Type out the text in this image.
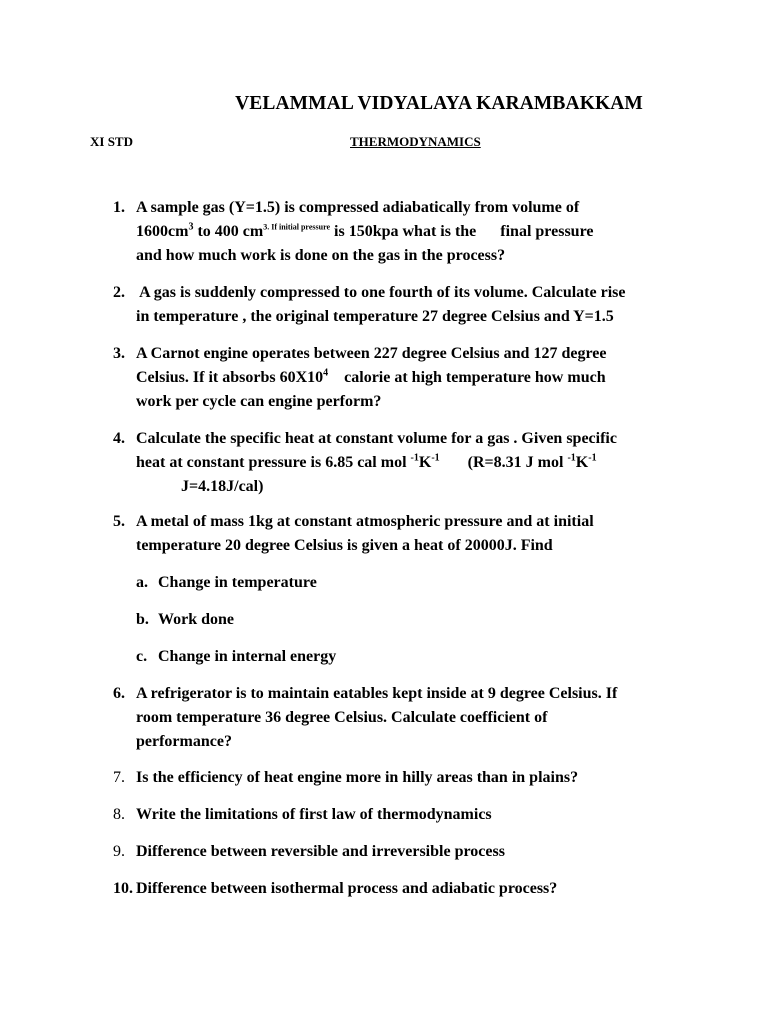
VELAMMAL VIDYALAYA KARAMBAKKAM
XI STD	THERMODYNAMICS
1. A sample gas (Y=1.5) is compressed adiabatically from volume of
$1600cm^3$ to 400 $cm^{3. If initial pressure}$ is 150kpa what is the      final pressure
and how much work is done on the gas in the process?
2. A gas is suddenly compressed to one fourth of its volume. Calculate rise
in temperature , the original temperature 27 degree Celsius and Y=1.5
3. A Carnot engine operates between 227 degree Celsius and 127 degree
Celsius. If it absorbs $60X10^4$    calorie at high temperature how much
work per cycle can engine perform?
4. Calculate the specific heat at constant volume for a gas . Given specific
heat at constant pressure is 6.85 cal mol $^{-1}K^{-1}$       (R=8.31 J mol $^{-1}K^{-1}$
J=4.18J/cal)
5. A metal of mass 1kg at constant atmospheric pressure and at initial
temperature 20 degree Celsius is given a heat of 20000J. Find
a. Change in temperature
b. Work done
c. Change in internal energy
6. A refrigerator is to maintain eatables kept inside at 9 degree Celsius. If
room temperature 36 degree Celsius. Calculate coefficient of
performance?
7. Is the efficiency of heat engine more in hilly areas than in plains?
8. Write the limitations of first law of thermodynamics
9. Difference between reversible and irreversible process
10. Difference between isothermal process and adiabatic process?
